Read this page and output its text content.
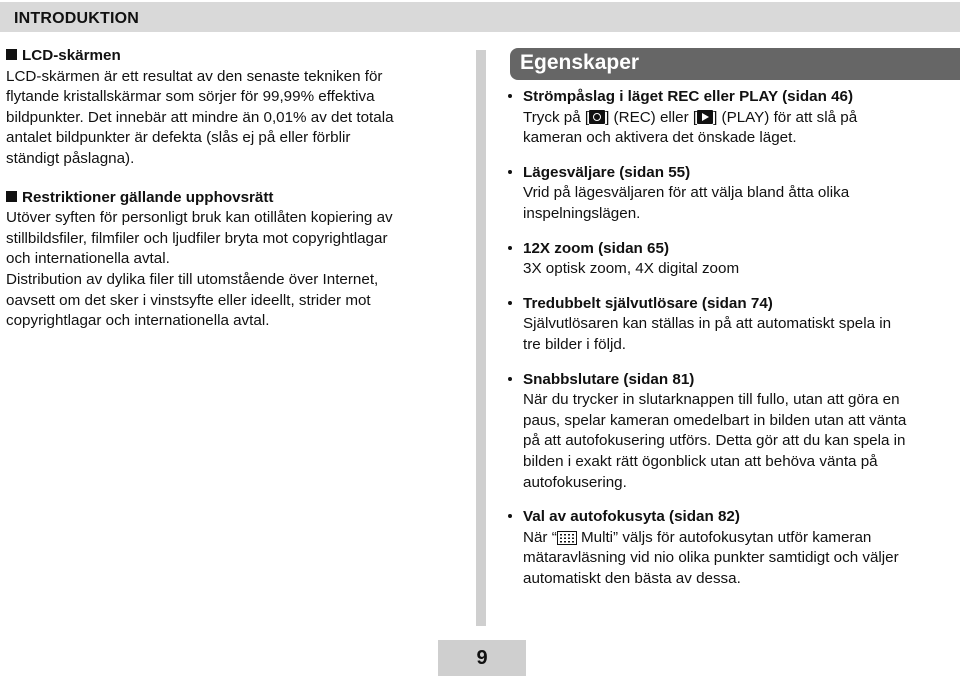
INTRODUKTION

LCD-skärmen

LCD-skärmen är ett resultat av den senaste tekniken för

flytande kristallskärmar som sörjer för 99,99% effektiva

bildpunkter. Det innebär att mindre än 0,01% av det totala

antalet bildpunkter är defekta (slås ej på eller förblir

ständigt påslagna).

Restriktioner gällande upphovsrätt

Utöver syften för personligt bruk kan otillåten kopiering av

stillbildsfiler, filmfiler och ljudfiler bryta mot copyrightlagar

och internationella avtal.

Distribution av dylika filer till utomstående över Internet,

oavsett om det sker i vinstsyfte eller ideellt, strider mot

copyrightlagar och internationella avtal.

Egenskaper
Strömpåslag i läget REC eller PLAY (sidan 46)
Tryck på [ ] (REC) eller [ ] (PLAY) för att slå på
kameran och aktivera det önskade läget.
Lägesväljare (sidan 55)
Vrid på lägesväljaren för att välja bland åtta olika
inspelningslägen.
12X zoom (sidan 65)
3X optisk zoom, 4X digital zoom
Tredubbelt självutlösare (sidan 74)
Självutlösaren kan ställas in på att automatiskt spela in
tre bilder i följd.
Snabbslutare (sidan 81)
När du trycker in slutarknappen till fullo, utan att göra en
paus, spelar kameran omedelbart in bilden utan att vänta
på att autofokusering utförs. Detta gör att du kan spela in
bilden i exakt rätt ögonblick utan att behöva vänta på
autofokusering.
Val av autofokusyta (sidan 82)
När “ Multi” väljs för autofokusytan utför kameran
mätaravläsning vid nio olika punkter samtidigt och väljer
automatiskt den bästa av dessa.
9
